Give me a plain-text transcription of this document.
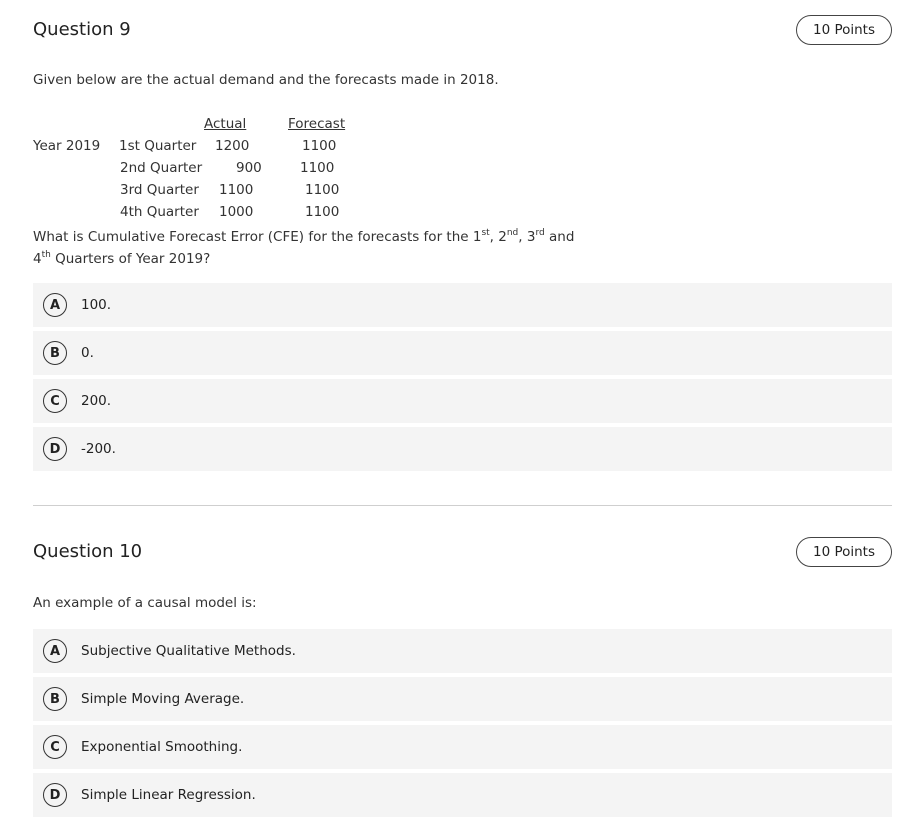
Question 9	10 Points
Given below are the actual demand and the forecasts made in 2018.
Actual	Forecast
Year 2019 1st Quarter 1200	1100
2nd Quarter	900	1100
3rd Quarter 1100	1100
4th Quarter 1000	1100
What is Cumulative Forecast Error (CFE) for the forecasts for the 1st, 2nd, 3rd and
4th Quarters of Year 2019?
A	100.
B	0.
C	200.
D	-200.
Question 10	10 Points
An example of a causal model is:
A	Subjective Qualitative Methods.
B	Simple Moving Average.
C	Exponential Smoothing.
D	Simple Linear Regression.
